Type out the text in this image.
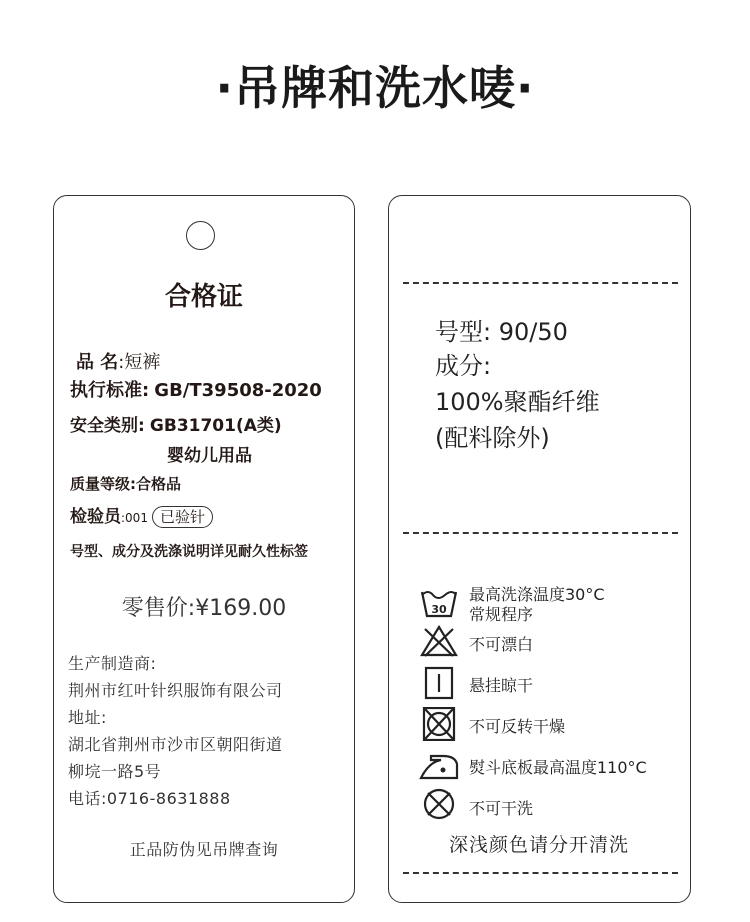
·吊牌和洗水唛·
合格证
品 名:短裤
执行标准: GB/T39508-2020
安全类别: GB31701(A类)
婴幼儿用品
质量等级:合格品
检验员:001 已验针
号型、成分及洗涤说明详见耐久性标签
零售价:¥169.00
生产制造商:
荆州市红叶针织服饰有限公司
地址:
湖北省荆州市沙市区朝阳街道
柳垸一路5号
电话:0716-8631888
正品防伪见吊牌查询
号型: 90/50
成分:
100%聚酯纤维
(配料除外)
30
最高洗涤温度30°C
常规程序
不可漂白
悬挂晾干
不可反转干燥
熨斗底板最高温度110°C
不可干洗
深浅颜色请分开清洗
